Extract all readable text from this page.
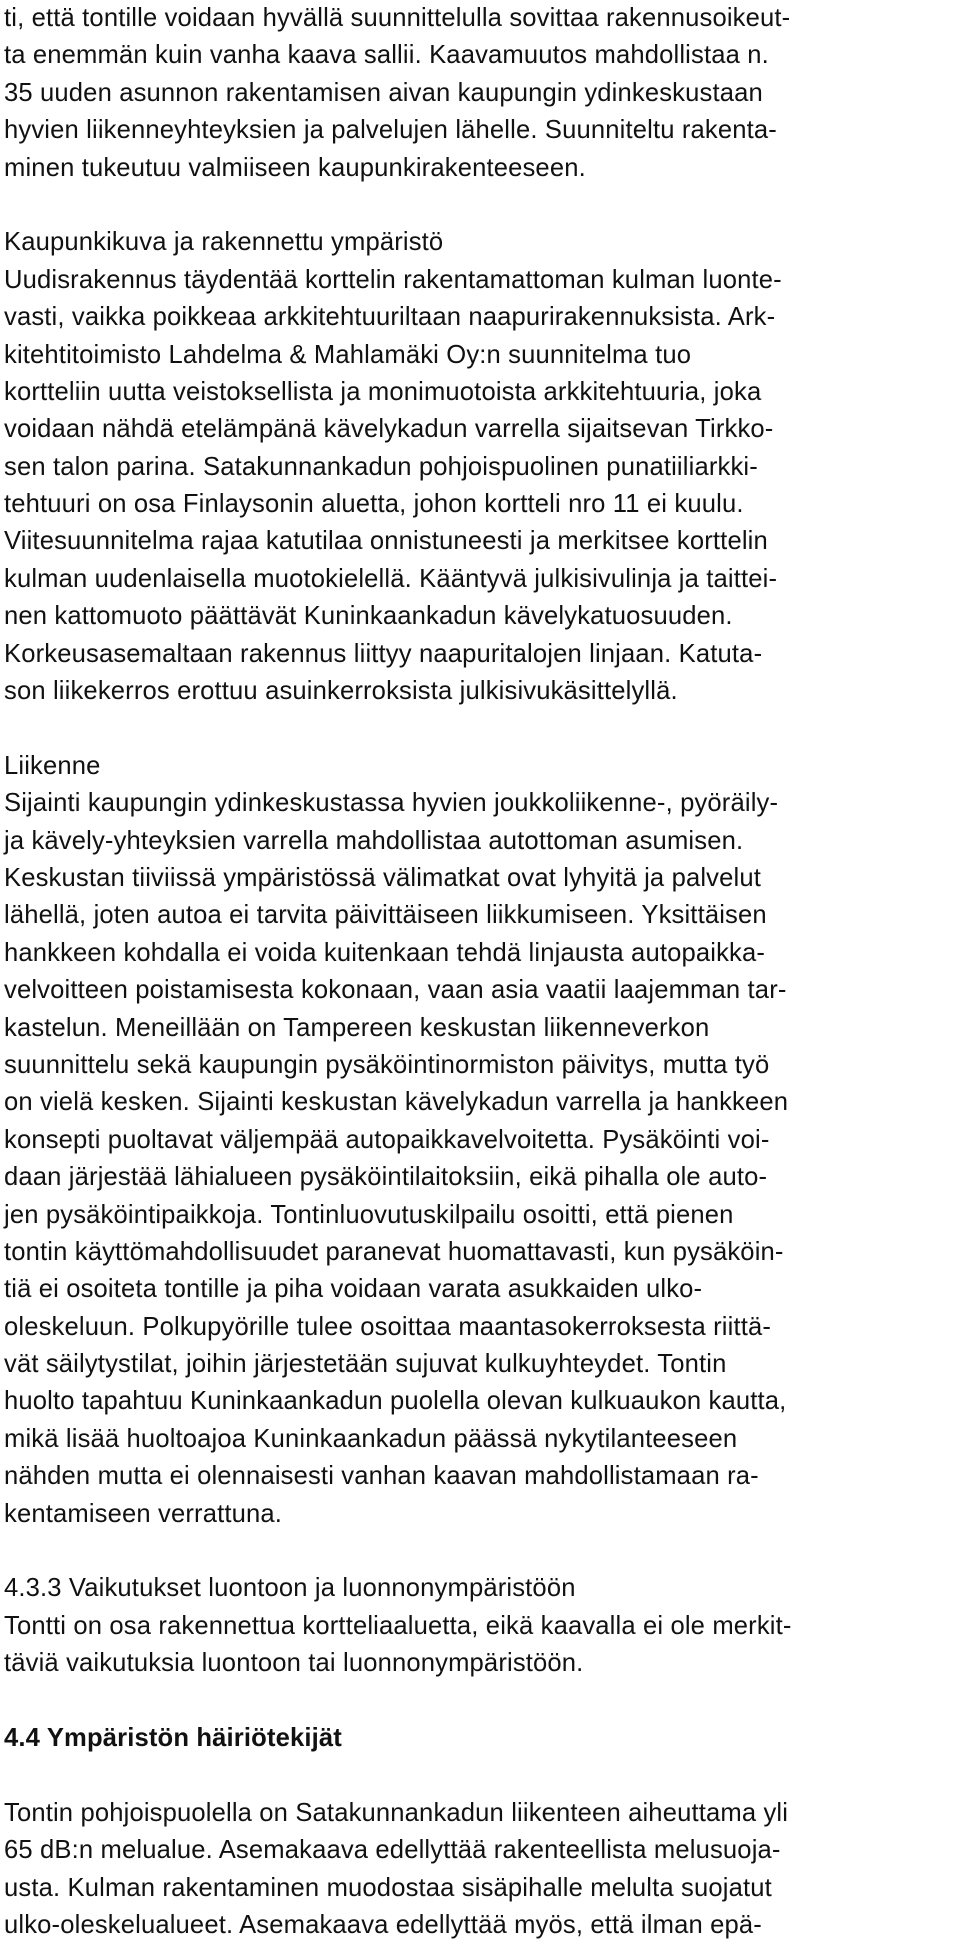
ti, että tontille voidaan hyvällä suunnittelulla sovittaa rakennusoikeut-
ta enemmän kuin vanha kaava sallii. Kaavamuutos mahdollistaa n.
35 uuden asunnon rakentamisen aivan kaupungin ydinkeskustaan
hyvien liikenneyhteyksien ja palvelujen lähelle. Suunniteltu rakenta-
minen tukeutuu valmiiseen kaupunkirakenteeseen.
Kaupunkikuva ja rakennettu ympäristö
Uudisrakennus täydentää korttelin rakentamattoman kulman luonte-
vasti, vaikka poikkeaa arkkitehtuuriltaan naapurirakennuksista. Ark-
kitehtitoimisto Lahdelma & Mahlamäki Oy:n suunnitelma tuo
kortteliin uutta veistoksellista ja monimuotoista arkkitehtuuria, joka
voidaan nähdä etelämpänä kävelykadun varrella sijaitsevan Tirkko-
sen talon parina. Satakunnankadun pohjoispuolinen punatiiliarkki-
tehtuuri on osa Finlaysonin aluetta, johon kortteli nro 11 ei kuulu.
Viitesuunnitelma rajaa katutilaa onnistuneesti ja merkitsee korttelin
kulman uudenlaisella muotokielellä. Kääntyvä julkisivulinja ja taittei-
nen kattomuoto päättävät Kuninkaankadun kävelykatuosuuden.
Korkeusasemaltaan rakennus liittyy naapuritalojen linjaan. Katuta-
son liikekerros erottuu asuinkerroksista julkisivukäsittelyllä.
Liikenne
Sijainti kaupungin ydinkeskustassa hyvien joukkoliikenne-, pyöräily-
ja kävely-yhteyksien varrella mahdollistaa autottoman asumisen.
Keskustan tiiviissä ympäristössä välimatkat ovat lyhyitä ja palvelut
lähellä, joten autoa ei tarvita päivittäiseen liikkumiseen. Yksittäisen
hankkeen kohdalla ei voida kuitenkaan tehdä linjausta autopaikka-
velvoitteen poistamisesta kokonaan, vaan asia vaatii laajemman tar-
kastelun. Meneillään on Tampereen keskustan liikenneverkon
suunnittelu sekä kaupungin pysäköintinormiston päivitys, mutta työ
on vielä kesken. Sijainti keskustan kävelykadun varrella ja hankkeen
konsepti puoltavat väljempää autopaikkavelvoitetta. Pysäköinti voi-
daan järjestää lähialueen pysäköintilaitoksiin, eikä pihalla ole auto-
jen pysäköintipaikkoja. Tontinluovutuskilpailu osoitti, että pienen
tontin käyttömahdollisuudet paranevat huomattavasti, kun pysäköin-
tiä ei osoiteta tontille ja piha voidaan varata asukkaiden ulko-
oleskeluun. Polkupyörille tulee osoittaa maantasokerroksesta riittä-
vät säilytystilat, joihin järjestetään sujuvat kulkuyhteydet. Tontin
huolto tapahtuu Kuninkaankadun puolella olevan kulkuaukon kautta,
mikä lisää huoltoajoa Kuninkaankadun päässä nykytilanteeseen
nähden mutta ei olennaisesti vanhan kaavan mahdollistamaan ra-
kentamiseen verrattuna.
4.3.3 Vaikutukset luontoon ja luonnonympäristöön
Tontti on osa rakennettua kortteliaaluetta, eikä kaavalla ei ole merkit-
täviä vaikutuksia luontoon tai luonnonympäristöön.
4.4 Ympäristön häiriötekijät
Tontin pohjoispuolella on Satakunnankadun liikenteen aiheuttama yli
65 dB:n melualue. Asemakaava edellyttää rakenteellista melusuoja-
usta. Kulman rakentaminen muodostaa sisäpihalle melulta suojatut
ulko-oleskelualueet. Asemakaava edellyttää myös, että ilman epä-
